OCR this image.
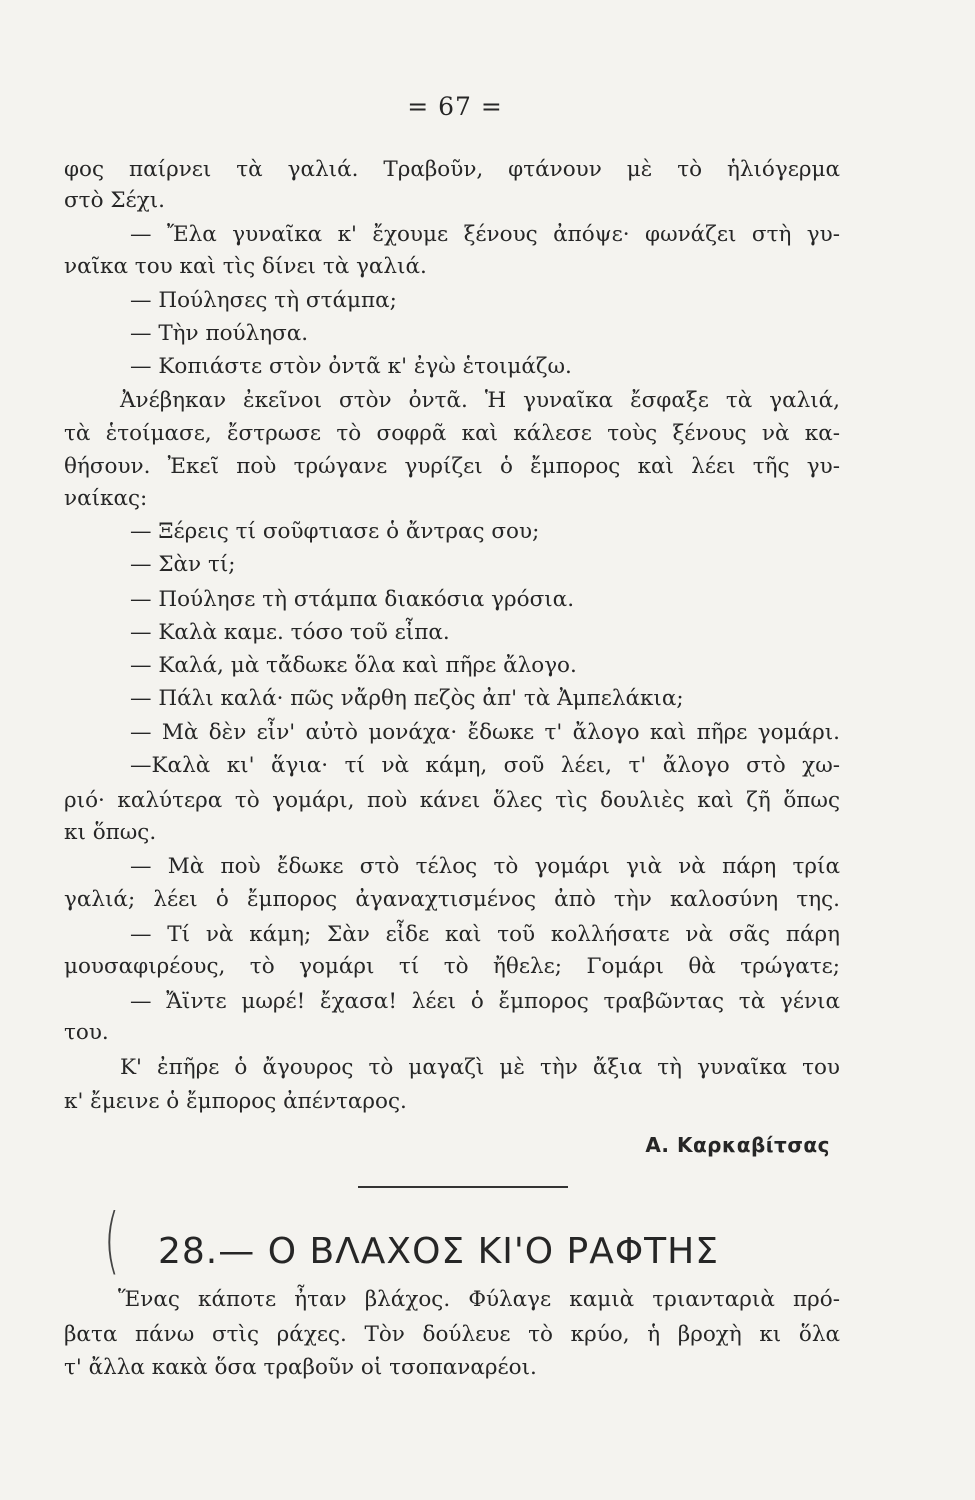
= 67 =

φος παίρνει τὰ γαλιά. Τραβοῦν, φτάνουν μὲ τὸ ἡλιόγερμα

στὸ Σέχι.

— Ἔλα γυναῖκα κ' ἔχουμε ξένους ἀπόψε· φωνάζει στὴ γυ-

ναῖκα του καὶ τὶς δίνει τὰ γαλιά.

— Πούλησες τὴ στάμπα;

— Τὴν πούλησα.

— Κοπιάστε στὸν ὀντᾶ κ' ἐγὼ ἑτοιμάζω.

Ἀνέβηκαν ἐκεῖνοι στὸν ὀντᾶ. Ἡ γυναῖκα ἔσφαξε τὰ γαλιά,

τὰ ἑτοίμασε, ἔστρωσε τὸ σοφρᾶ καὶ κάλεσε τοὺς ξένους νὰ κα-

θήσουν. Ἐκεῖ ποὺ τρώγανε γυρίζει ὁ ἔμπορος καὶ λέει τῆς γυ-

ναίκας:

— Ξέρεις τί σοῦφτιασε ὁ ἄντρας σου;

— Σὰν τί;

— Πούλησε τὴ στάμπα διακόσια γρόσια.

— Καλὰ καμε. τόσο τοῦ εἶπα.

— Καλά, μὰ τἄδωκε ὅλα καὶ πῆρε ἄλογο.

— Πάλι καλά· πῶς νἄρθη πεζὸς ἀπ' τὰ Ἀμπελάκια;

— Μὰ δὲν εἶν' αὐτὸ μονάχα· ἔδωκε τ' ἄλογο καὶ πῆρε γομάρι.

—Καλὰ κι' ἅγια· τί νὰ κάμη, σοῦ λέει, τ' ἄλογο στὸ χω-

ριό· καλύτερα τὸ γομάρι, ποὺ κάνει ὅλες τὶς δουλιὲς καὶ ζῆ ὅπως

κι ὅπως.

— Μὰ ποὺ ἔδωκε στὸ τέλος τὸ γομάρι γιὰ νὰ πάρη τρία

γαλιά; λέει ὁ ἔμπορος ἀγαναχτισμένος ἀπὸ τὴν καλοσύνη της.

— Τί νὰ κάμη; Σὰν εἶδε καὶ τοῦ κολλήσατε νὰ σᾶς πάρη

μουσαφιρέους, τὸ γομάρι τί τὸ ἤθελε; Γομάρι θὰ τρώγατε;

— Ἄϊντε μωρέ! ἔχασα! λέει ὁ ἔμπορος τραβῶντας τὰ γένια

του.

Κ' ἐπῆρε ὁ ἄγουρος τὸ μαγαζὶ μὲ τὴν ἄξια τὴ γυναῖκα του

κ' ἔμεινε ὁ ἔμπορος ἀπένταρος.

Α. Καρκαβίτσας
( 28.— Ο ΒΛΑΧΟΣ ΚΙ'Ο ΡΑΦΤΗΣ

Ἕνας κάποτε ἦταν βλάχος. Φύλαγε καμιὰ τριανταριὰ πρό-

βατα πάνω στὶς ράχες. Τὸν δούλευε τὸ κρύο, ἡ βροχὴ κι ὅλα

τ' ἄλλα κακὰ ὅσα τραβοῦν οἱ τσοπαναρέοι.
